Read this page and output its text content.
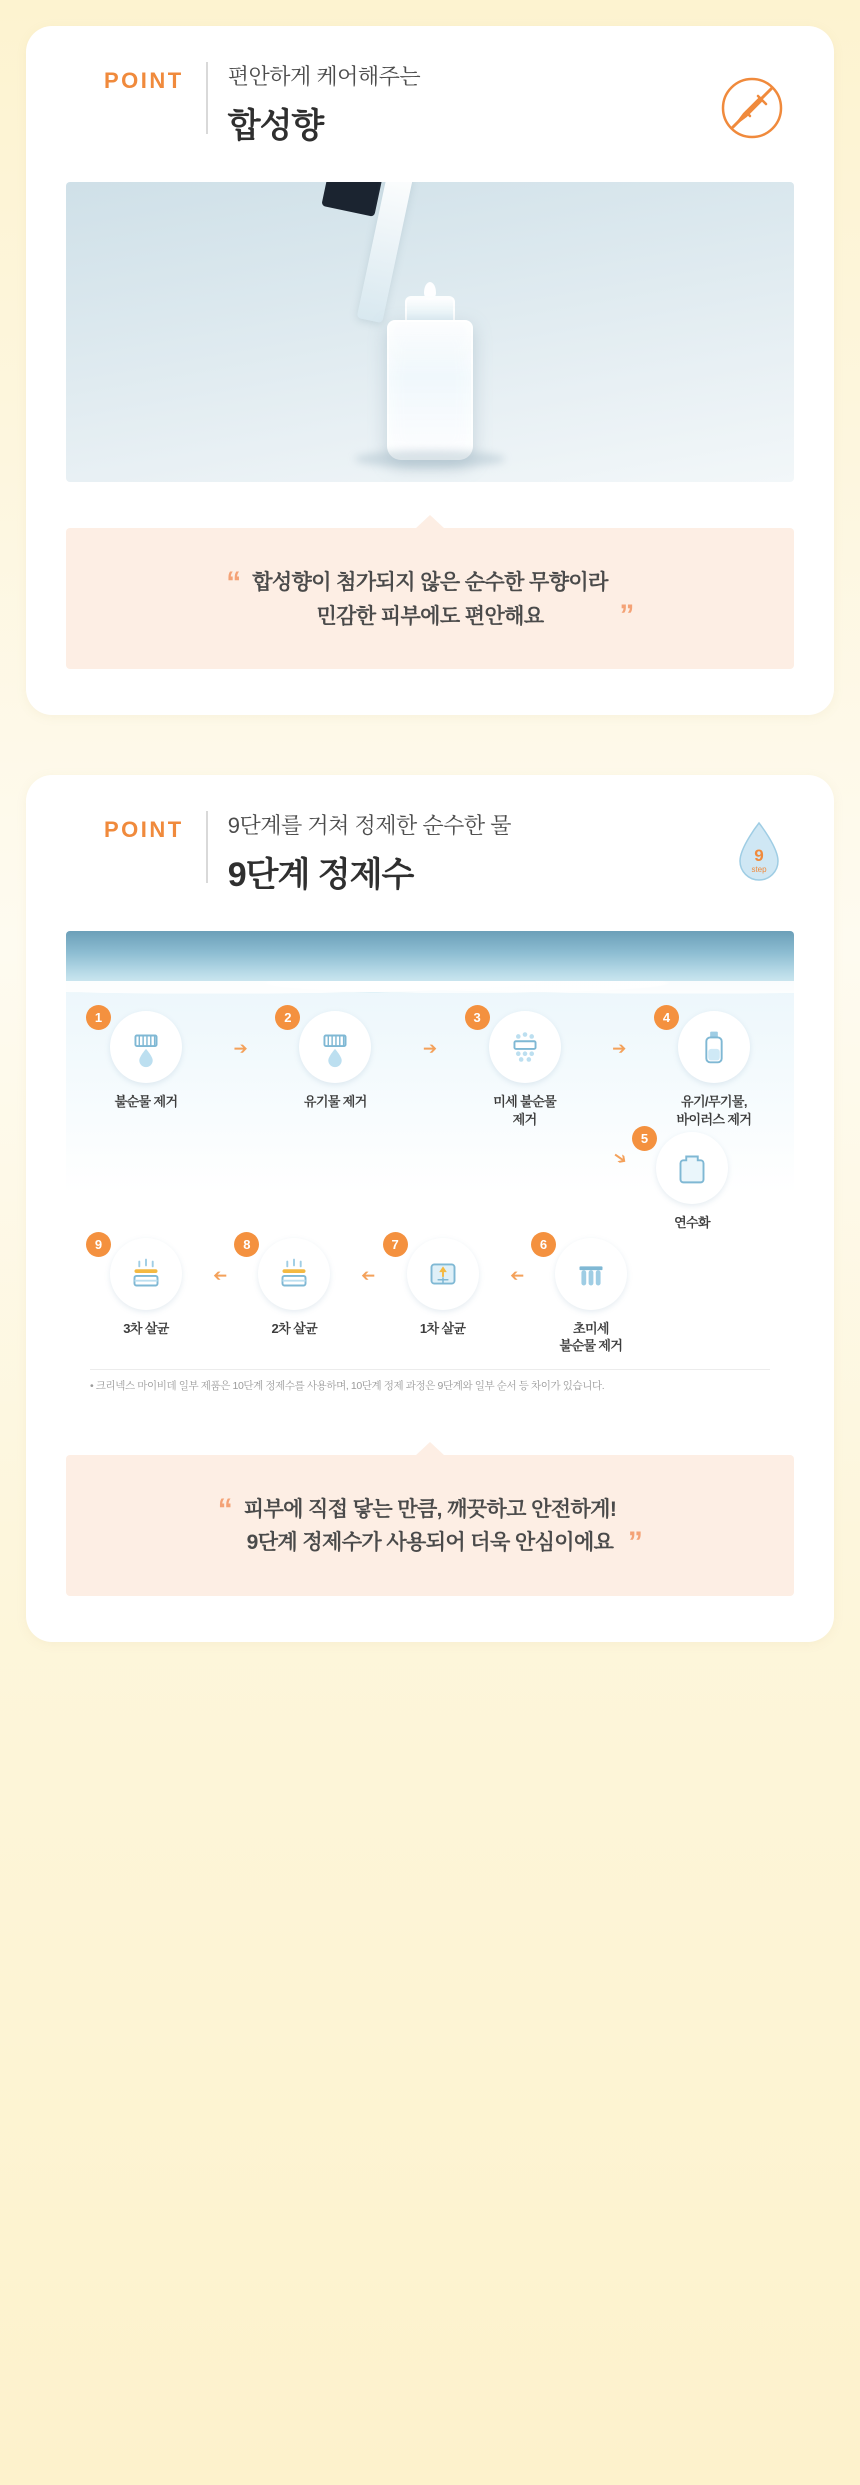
POINT 편안하게 케어해주는
합성향
“ 합성향이 첨가되지 않은 순수한 무향이라
민감한 피부에도 편안해요	”
POINT 9단계를 거쳐 정제한 순수한 물
9단계 정제수
9
step
1
불순물 제거
➔
2
유기물 제거
➔
3
미세 불순물
제거
➔
4
유기/무기물,
바이러스 제거
➔
5
연수화
9
3차 살균
➔
8
2차 살균
➔
7
1차 살균
➔
6
초미세
불순물 제거
• 크리넥스 마이비데 일부 제품은 10단계 정제수를 사용하며, 10단계 정제 과정은 9단계와 일부 순서 등 차이가 있습니다.
“ 피부에 직접 닿는 만큼, 깨끗하고 안전하게!
9단계 정제수가 사용되어 더욱 안심이에요 ”
